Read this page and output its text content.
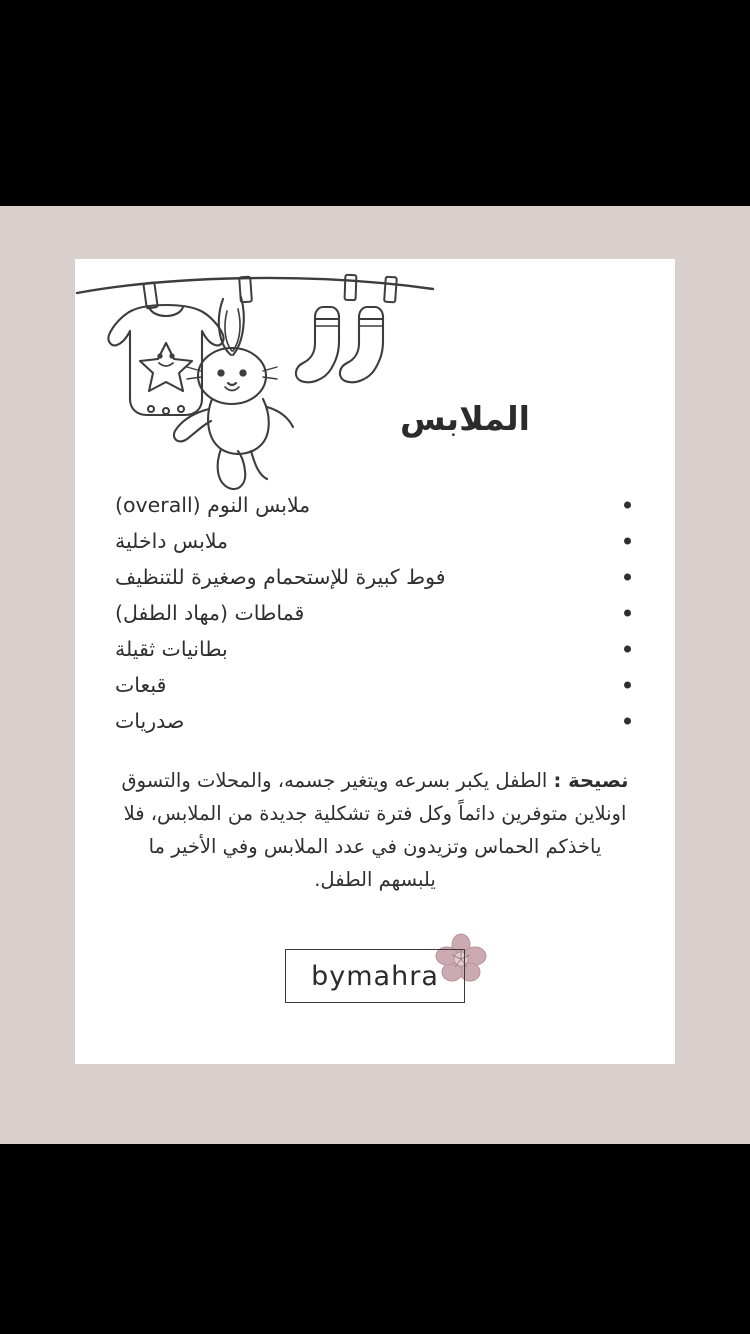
الملابس
ملابس النوم (overall)
ملابس داخلية
فوط كبيرة للإستحمام وصغيرة للتنظيف
قماطات (مهاد الطفل)
بطانيات ثقيلة
قبعات
صدريات
نصيحة : الطفل يكبر بسرعه ويتغير جسمه، والمحلات والتسوق اونلاين متوفرين دائماً وكل فترة تشكلية جديدة من الملابس، فلا ياخذكم الحماس وتزيدون في عدد الملابس وفي الأخير ما يلبسهم الطفل.
bymahra
